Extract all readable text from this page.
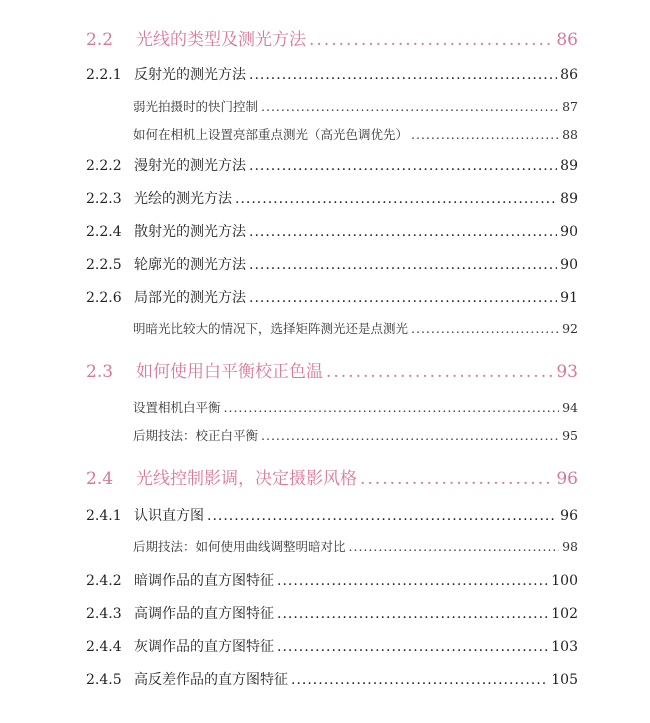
2.2	光线的类型及测光方法 .....	86
2.2.1 反射光的测光方法 .....	86
弱光拍摄时的快门控制 .....	87
如何在相机上设置亮部重点测光（高光色调优先） .....	88
2.2.2 漫射光的测光方法 .....	89
2.2.3 光绘的测光方法 .....	89
2.2.4 散射光的测光方法 .....	90
2.2.5 轮廓光的测光方法 .....	90
2.2.6 局部光的测光方法 .....	91
明暗光比较大的情况下，选择矩阵测光还是点测光 .....	92
2.3	如何使用白平衡校正色温 .....	93
设置相机白平衡 .....	94
后期技法：校正白平衡 .....	95
2.4	光线控制影调，决定摄影风格 .....	96
2.4.1 认识直方图 .....	96
后期技法：如何使用曲线调整明暗对比 .....	98
2.4.2 暗调作品的直方图特征 .....	100
2.4.3 高调作品的直方图特征 .....	102
2.4.4 灰调作品的直方图特征 .....	103
2.4.5 高反差作品的直方图特征 .....	105
